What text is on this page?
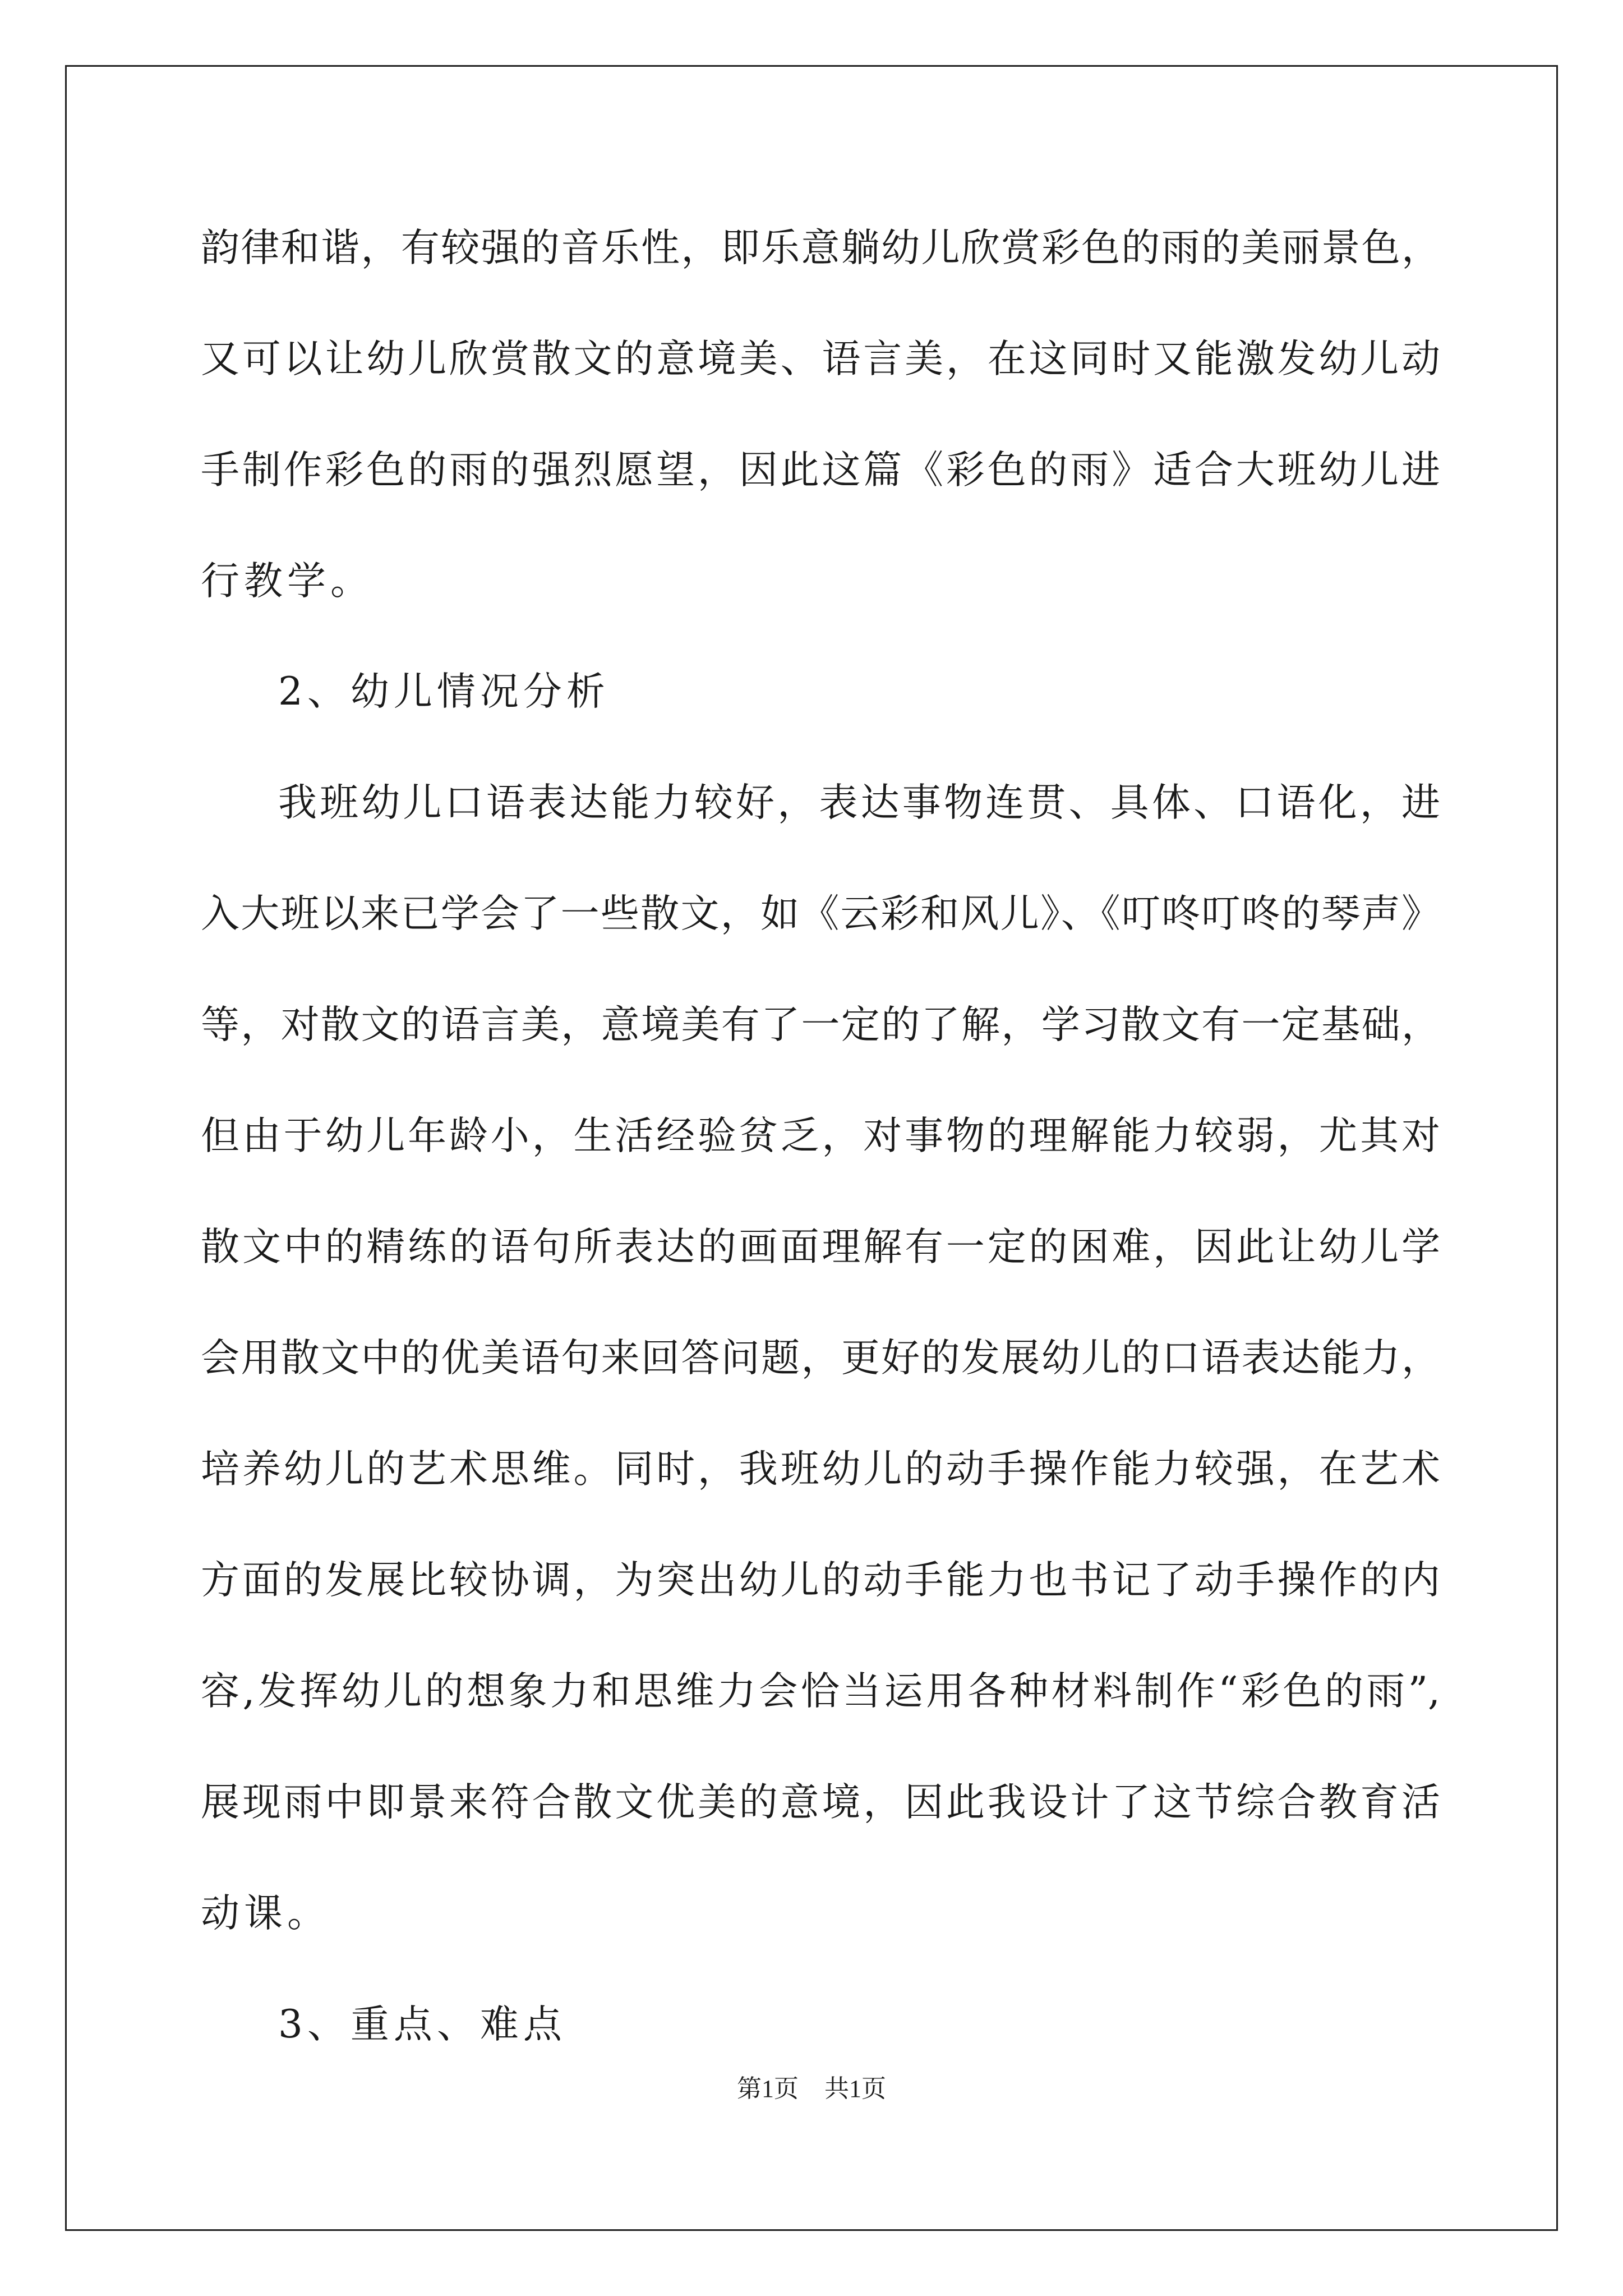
韵律和谐，有较强的音乐性，即乐意躺幼儿欣赏彩色的雨的美丽景色，
又可以让幼儿欣赏散文的意境美、语言美，在这同时又能激发幼儿动
手制作彩色的雨的强烈愿望，因此这篇《彩色的雨》适合大班幼儿进
行教学。
2、幼儿情况分析
我班幼儿口语表达能力较好，表达事物连贯、具体、口语化，进
入大班以来已学会了一些散文，如《云彩和风儿》、《叮咚叮咚的琴声》
等，对散文的语言美，意境美有了一定的了解，学习散文有一定基础，
但由于幼儿年龄小，生活经验贫乏，对事物的理解能力较弱，尤其对
散文中的精练的语句所表达的画面理解有一定的困难，因此让幼儿学
会用散文中的优美语句来回答问题，更好的发展幼儿的口语表达能力，
培养幼儿的艺术思维。同时，我班幼儿的动手操作能力较强，在艺术
方面的发展比较协调，为突出幼儿的动手能力也书记了动手操作的内
容,发挥幼儿的想象力和思维力会恰当运用各种材料制作“彩色的雨”,
展现雨中即景来符合散文优美的意境，因此我设计了这节综合教育活
动课。
3、重点、难点
第1页 共1页
